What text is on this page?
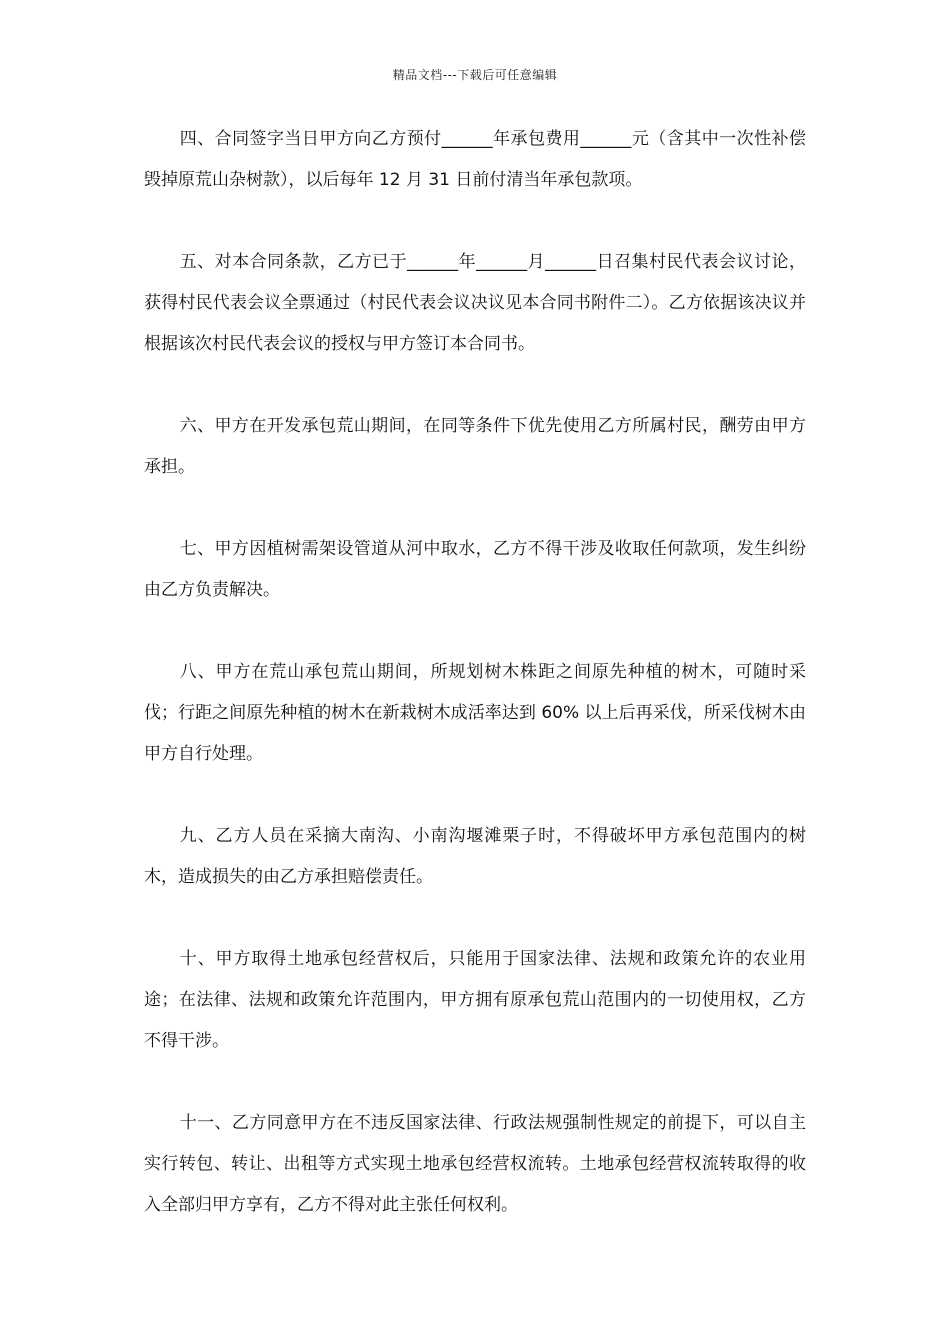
精品文档---下载后可任意编辑

四、合同签字当日甲方向乙方预付______年承包费用______元（含其中一次性补偿毁掉原荒山杂树款），以后每年 12 月 31 日前付清当年承包款项。

五、对本合同条款，乙方已于______年______月______日召集村民代表会议讨论，获得村民代表会议全票通过（村民代表会议决议见本合同书附件二）。乙方依据该决议并根据该次村民代表会议的授权与甲方签订本合同书。

六、甲方在开发承包荒山期间，在同等条件下优先使用乙方所属村民，酬劳由甲方承担。

七、甲方因植树需架设管道从河中取水，乙方不得干涉及收取任何款项，发生纠纷由乙方负责解决。

八、甲方在荒山承包荒山期间，所规划树木株距之间原先种植的树木，可随时采伐；行距之间原先种植的树木在新栽树木成活率达到 60% 以上后再采伐，所采伐树木由甲方自行处理。

九、乙方人员在采摘大南沟、小南沟堰滩栗子时，不得破坏甲方承包范围内的树木，造成损失的由乙方承担赔偿责任。

十、甲方取得土地承包经营权后，只能用于国家法律、法规和政策允许的农业用途；在法律、法规和政策允许范围内，甲方拥有原承包荒山范围内的一切使用权，乙方不得干涉。

十一、乙方同意甲方在不违反国家法律、行政法规强制性规定的前提下，可以自主实行转包、转让、出租等方式实现土地承包经营权流转。土地承包经营权流转取得的收入全部归甲方享有，乙方不得对此主张任何权利。
